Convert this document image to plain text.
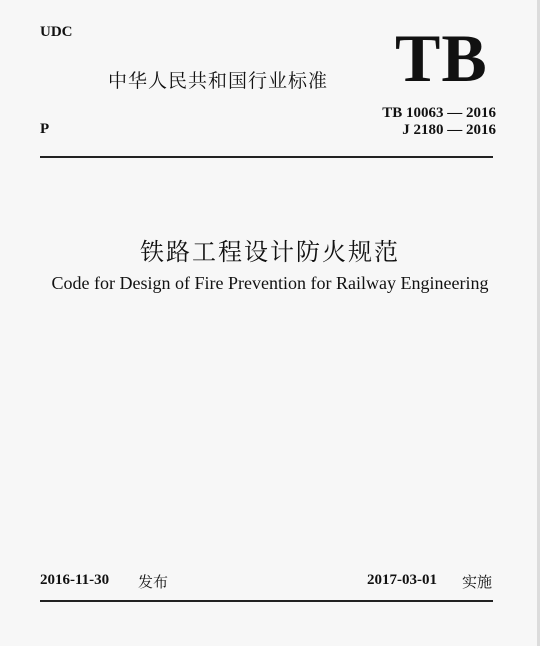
UDC
中华人民共和国行业标准 TB
P
TB 10063 — 2016
J 2180 — 2016
铁路工程设计防火规范
Code for Design of Fire Prevention for Railway Engineering
2016-11-30 发布	2017-03-01 实施
